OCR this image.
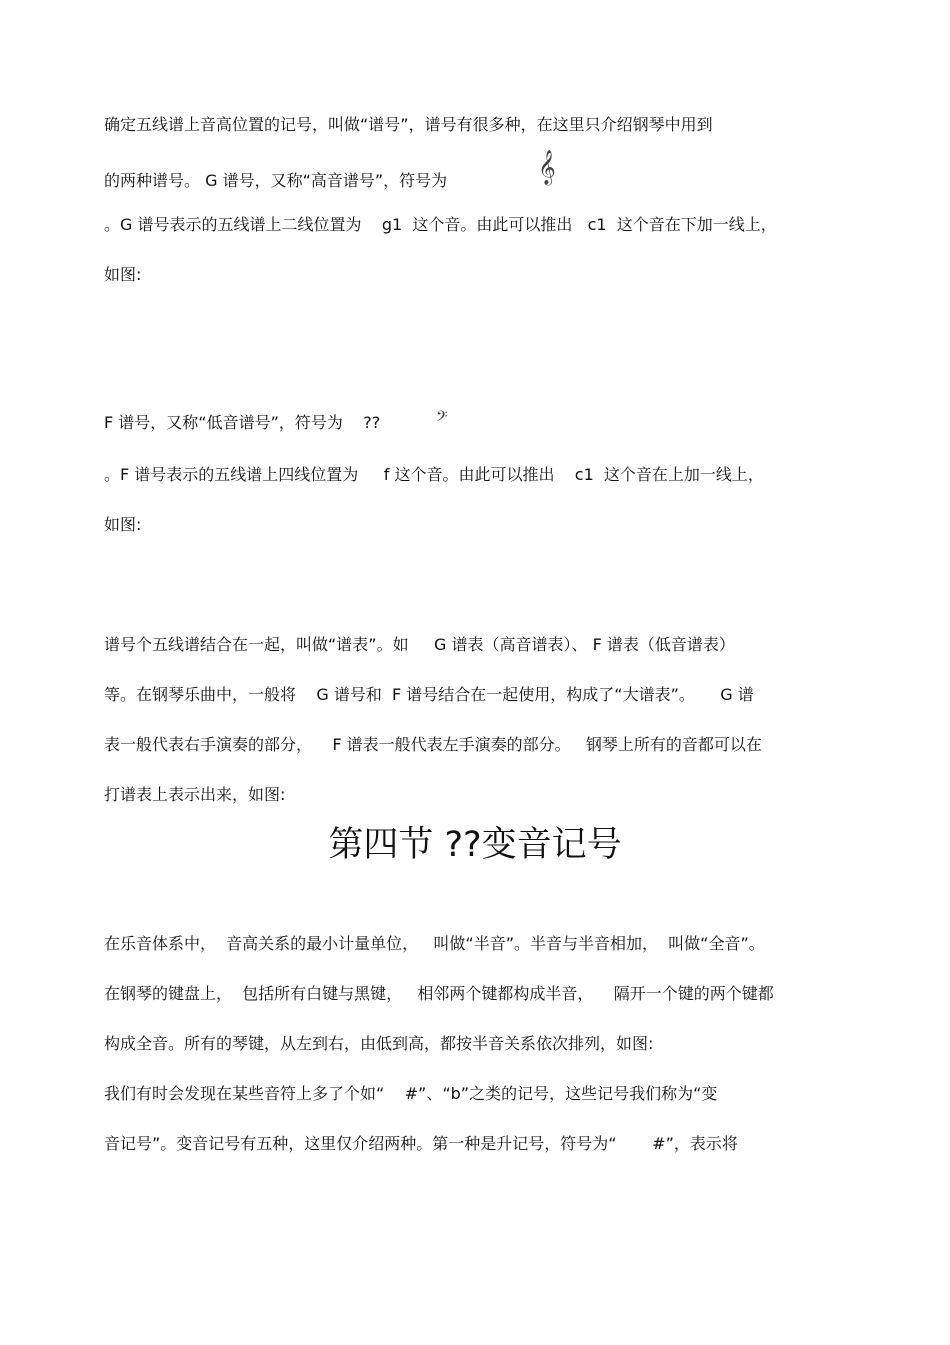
确定五线谱上音高位置的记号，叫做“谱号”，谱号有很多种，在这里只介绍钢琴中用到
的两种谱号。 G 谱号，又称“高音谱号”，符号为	𝄞
。G 谱号表示的五线谱上二线位置为    g1  这个音。由此可以推出   c1  这个音在下加一线上，
如图:
F 谱号，又称“低音谱号”，符号为    ??	𝄢
。F 谱号表示的五线谱上四线位置为     f 这个音。由此可以推出    c1  这个音在上加一线上，
如图:
谱号个五线谱结合在一起，叫做“谱表”。如     G 谱表（高音谱表）、 F 谱表（低音谱表）
等。在钢琴乐曲中，一般将    G 谱号和  F 谱号结合在一起使用，构成了“大谱表”。     G 谱
表一般代表右手演奏的部分，    F 谱表一般代表左手演奏的部分。   钢琴上所有的音都可以在
打谱表上表示出来，如图:
第四节 ??变音记号
在乐音体系中，  音高关系的最小计量单位，   叫做“半音”。半音与半音相加，  叫做“全音”。
在钢琴的键盘上，  包括所有白键与黑键，   相邻两个键都构成半音，    隔开一个键的两个键都
构成全音。所有的琴键，从左到右，由低到高，都按半音关系依次排列，如图:
我们有时会发现在某些音符上多了个如“    #”、“b”之类的记号，这些记号我们称为“变
音记号”。变音记号有五种，这里仅介绍两种。第一种是升记号，符号为“       #”，表示将
